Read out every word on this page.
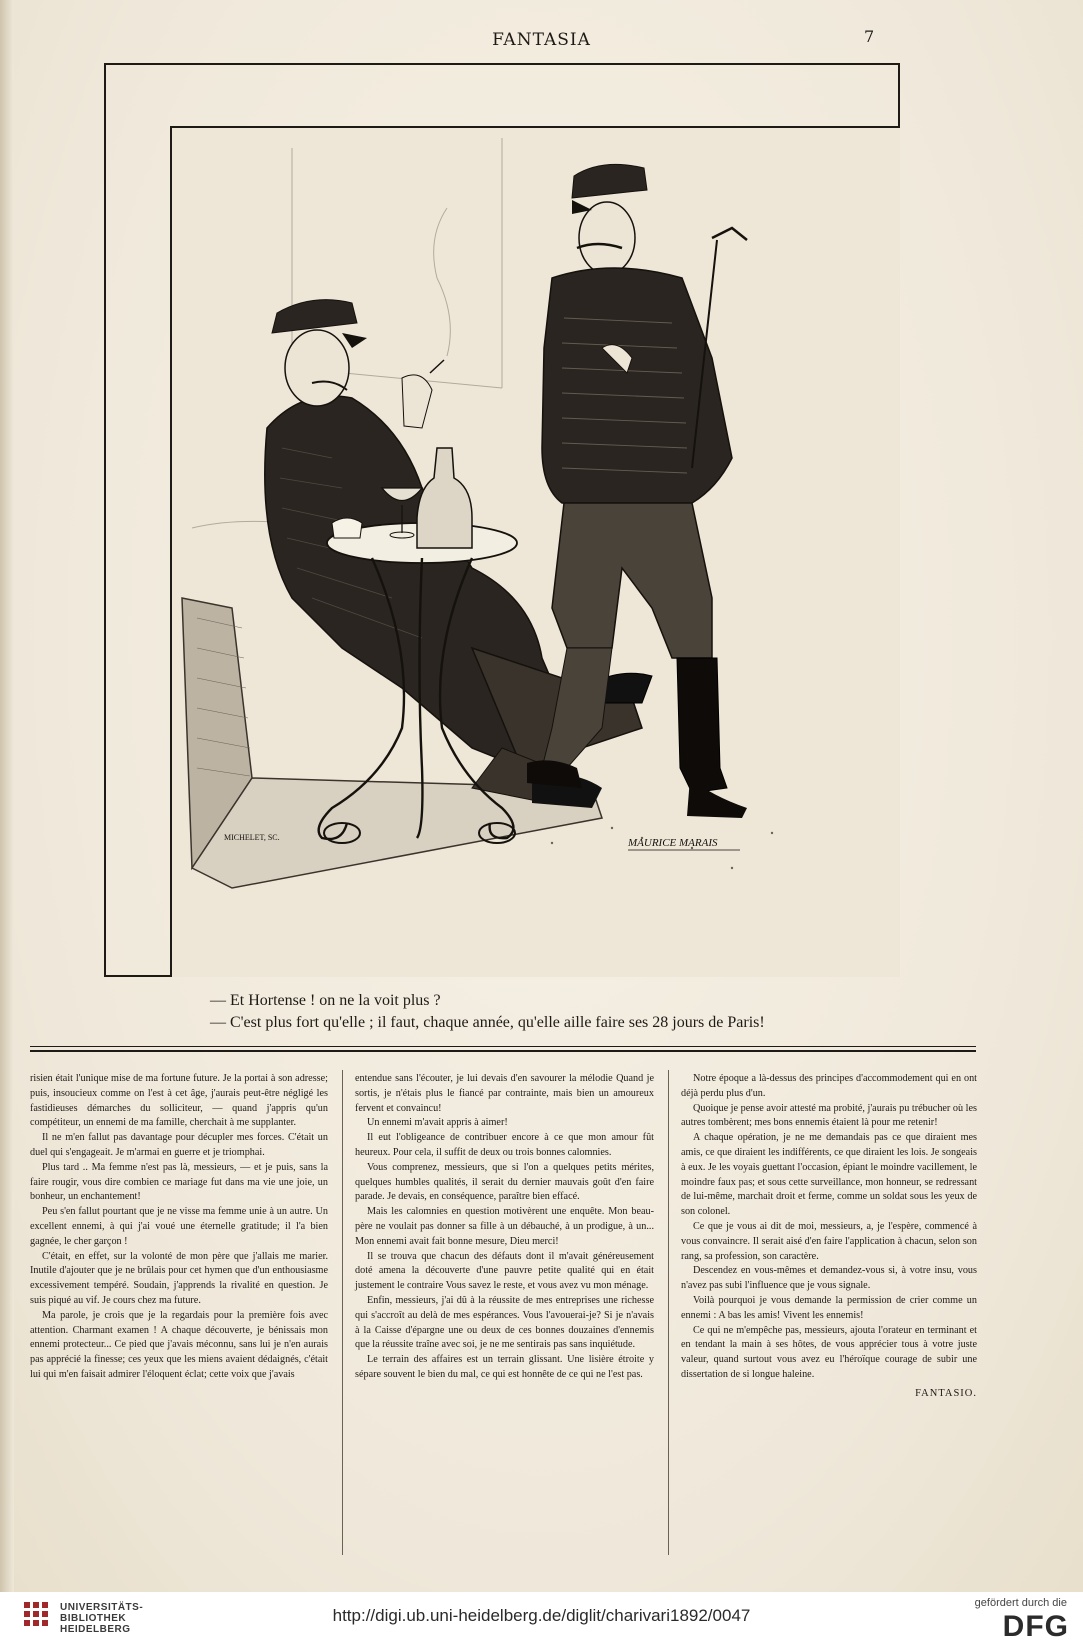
FANTASIA	7
MICHELET, SC.	MAURICE MARAIS
— Et Hortense ! on ne la voit plus ?
— C'est plus fort qu'elle ; il faut, chaque année, qu'elle aille faire ses 28 jours de Paris!

risien était l'unique mise de ma fortune future. Je la portai à son adresse; puis, insoucieux comme on l'est à cet âge, j'aurais peut-être négligé les fastidieuses démarches du solliciteur, — quand j'appris qu'un compétiteur, un ennemi de ma famille, cherchait à me supplanter.

Il ne m'en fallut pas davantage pour décupler mes forces. C'était un duel qui s'engageait. Je m'armai en guerre et je triomphai.

Plus tard .. Ma femme n'est pas là, messieurs, — et je puis, sans la faire rougir, vous dire combien ce mariage fut dans ma vie une joie, un bonheur, un enchantement!

Peu s'en fallut pourtant que je ne visse ma femme unie à un autre. Un excellent ennemi, à qui j'ai voué une éternelle gratitude; il l'a bien gagnée, le cher garçon !

C'était, en effet, sur la volonté de mon père que j'allais me marier. Inutile d'ajouter que je ne brûlais pour cet hymen que d'un enthousiasme excessivement tempéré. Soudain, j'apprends la rivalité en question. Je suis piqué au vif. Je cours chez ma future.

Ma parole, je crois que je la regardais pour la première fois avec attention. Charmant examen ! A chaque découverte, je bénissais mon ennemi protecteur... Ce pied que j'avais méconnu, sans lui je n'en aurais pas apprécié la finesse; ces yeux que les miens avaient dédaignés, c'était lui qui m'en faisait admirer l'éloquent éclat; cette voix que j'avais

entendue sans l'écouter, je lui devais d'en savourer la mélodie Quand je sortis, je n'étais plus le fiancé par contrainte, mais bien un amoureux fervent et convaincu!

Un ennemi m'avait appris à aimer!

Il eut l'obligeance de contribuer encore à ce que mon amour fût heureux. Pour cela, il suffit de deux ou trois bonnes calomnies.

Vous comprenez, messieurs, que si l'on a quelques petits mérites, quelques humbles qualités, il serait du dernier mauvais goût d'en faire parade. Je devais, en conséquence, paraître bien effacé.

Mais les calomnies en question motivèrent une enquête. Mon beau-père ne voulait pas donner sa fille à un débauché, à un prodigue, à un... Mon ennemi avait fait bonne mesure, Dieu merci!

Il se trouva que chacun des défauts dont il m'avait généreusement doté amena la découverte d'une pauvre petite qualité qui en était justement le contraire Vous savez le reste, et vous avez vu mon ménage.

Enfin, messieurs, j'ai dû à la réussite de mes entreprises une richesse qui s'accroît au delà de mes espérances. Vous l'avouerai-je? Si je n'avais à la Caisse d'épargne une ou deux de ces bonnes douzaines d'ennemis que la réussite traîne avec soi, je ne me sentirais pas sans inquiétude.

Le terrain des affaires est un terrain glissant. Une lisière étroite y sépare souvent le bien du mal, ce qui est honnête de ce qui ne l'est pas.

Notre époque a là-dessus des principes d'accommodement qui en ont déjà perdu plus d'un.

Quoique je pense avoir attesté ma probité, j'aurais pu trébucher où les autres tombèrent; mes bons ennemis étaient là pour me retenir!

A chaque opération, je ne me demandais pas ce que diraient mes amis, ce que diraient les indifférents, ce que diraient les lois. Je songeais à eux. Je les voyais guettant l'occasion, épiant le moindre vacillement, le moindre faux pas; et sous cette surveillance, mon honneur, se redressant de lui-même, marchait droit et ferme, comme un soldat sous les yeux de son colonel.

Ce que je vous ai dit de moi, messieurs, a, je l'espère, commencé à vous convaincre. Il serait aisé d'en faire l'application à chacun, selon son rang, sa profession, son caractère.

Descendez en vous-mêmes et demandez-vous si, à votre insu, vous n'avez pas subi l'influence que je vous signale.

Voilà pourquoi je vous demande la permission de crier comme un ennemi : A bas les amis! Vivent les ennemis!

Ce qui ne m'empêche pas, messieurs, ajouta l'orateur en terminant et en tendant la main à ses hôtes, de vous apprécier tous à votre juste valeur, quand surtout vous avez eu l'héroïque courage de subir une dissertation de si longue haleine.

FANTASIO.
UNIVERSITÄTS-
BIBLIOTHEK
HEIDELBERG
http://digi.ub.uni-heidelberg.de/diglit/charivari1892/0047
gefördert durch die
DFG
